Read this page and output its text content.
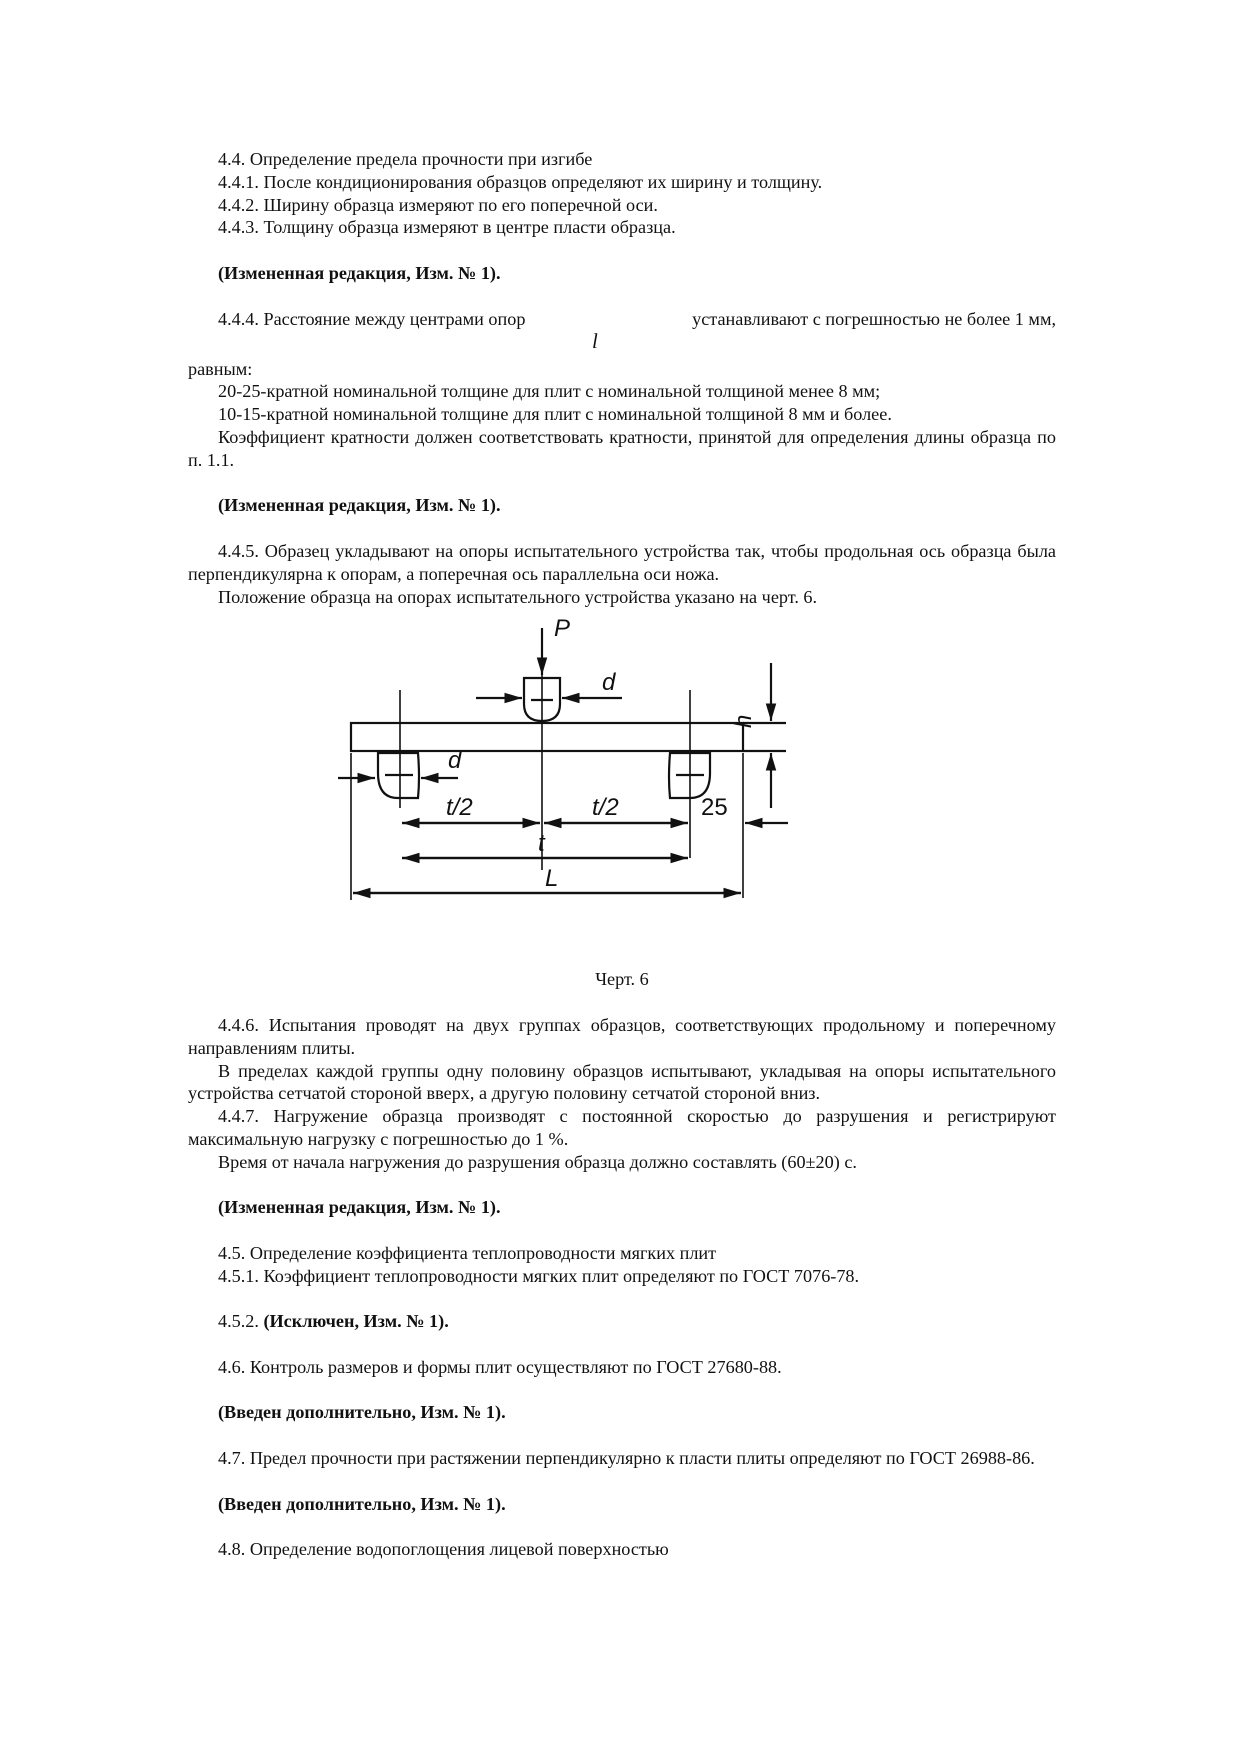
4.4. Определение предела прочности при изгибе

4.4.1. После кондиционирования образцов определяют их ширину и толщину.

4.4.2. Ширину образца измеряют по его поперечной оси.

4.4.3. Толщину образца измеряют в центре пласти образца.

(Измененная редакция, Изм. № 1).

4.4.4. Расстояние между центрами опор
l
устанавливают с погрешностью не более 1 мм,

равным:

20-25-кратной номинальной толщине для плит с номинальной толщиной менее 8 мм;

10-15-кратной номинальной толщине для плит с номинальной толщиной 8 мм и более.

Коэффициент кратности должен соответствовать кратности, принятой для определения длины образца по п. 1.1.

(Измененная редакция, Изм. № 1).

4.4.5. Образец укладывают на опоры испытательного устройства так, чтобы продольная ось образца была перпендикулярна к опорам, а поперечная ось параллельна оси ножа.

Положение образца на опорах испытательного устройства указано на черт. 6.

P
d
d
t/2	t/2	25
t
L
h

Черт. 6

4.4.6. Испытания проводят на двух группах образцов, соответствующих продольному и поперечному направлениям плиты.

В пределах каждой группы одну половину образцов испытывают, укладывая на опоры испытательного устройства сетчатой стороной вверх, а другую половину сетчатой стороной вниз.

4.4.7. Нагружение образца производят с постоянной скоростью до разрушения и регистрируют максимальную нагрузку с погрешностью до 1 %.

Время от начала нагружения до разрушения образца должно составлять (60±20) с.

(Измененная редакция, Изм. № 1).

4.5. Определение коэффициента теплопроводности мягких плит

4.5.1. Коэффициент теплопроводности мягких плит определяют по ГОСТ 7076-78.

4.5.2. (Исключен, Изм. № 1).

4.6. Контроль размеров и формы плит осуществляют по ГОСТ 27680-88.

(Введен дополнительно, Изм. № 1).

4.7. Предел прочности при растяжении перпендикулярно к пласти плиты определяют по ГОСТ 26988-86.

(Введен дополнительно, Изм. № 1).

4.8. Определение водопоглощения лицевой поверхностью
